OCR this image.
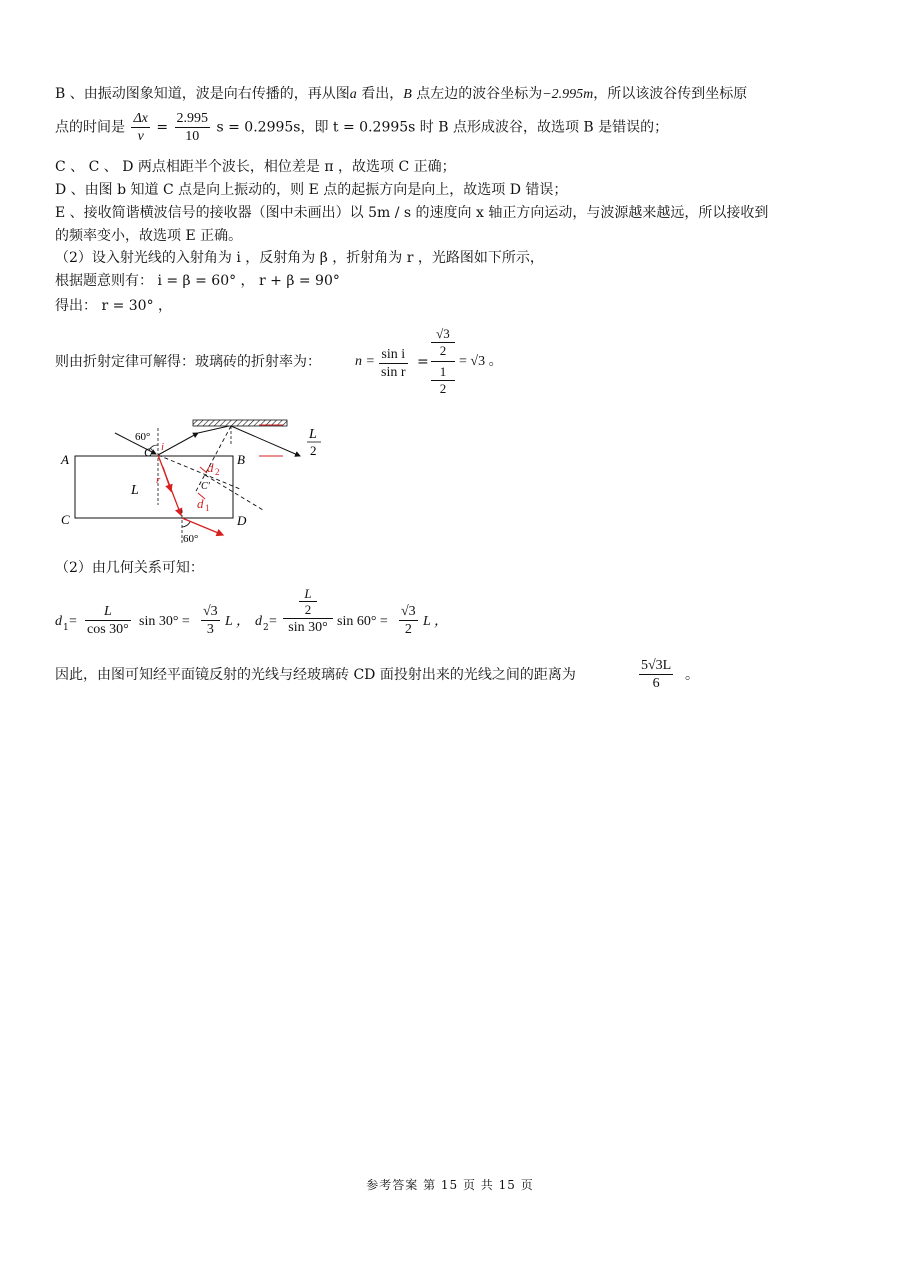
B 、由振动图象知道，波是向右传播的，再从图a 看出，B 点左边的波谷坐标为−2.995m，所以该波谷传到坐标原
点的时间是 $\frac{\Delta x}{v} = \frac{2.995}{10}$ s = 0.2995s，即 t = 0.2995s 时 B 点形成波谷，故选项 B 是错误的；
C 、 C 、 D 两点相距半个波长，相位差是 π ，故选项 C 正确；
D 、由图 b 知道 C 点是向上振动的，则 E 点的起振方向是向上，故选项 D 错误；
E 、接收简谐横波信号的接收器（图中未画出）以 5m / s 的速度向 x 轴正方向运动，与波源越来越远，所以接收到
的频率变小，故选项 E 正确。
（2）设入射光线的入射角为 i ，反射角为 β ，折射角为 r ，光路图如下所示，
根据题意则有： i = β = 60° ， r + β = 90°
得出： r = 30° ，
则由折射定律可解得：玻璃砖的折射率为： $n = \frac{\text{sin i}}{\text{sin r}}$ =
√3
2
1
2
= √3 。
60°
60°
A	B
C	D
C
L
L
2
i
r
d 2
d 1
C'
（2）由几何关系可知：
d $1 = \frac{L}{\cos 30^\circ}$ $\sin 30^\circ = \frac{√3}{3}$ L ， d 2 =
L
2
sin 30° $\sin 60^\circ = \frac{√3}{2}$ L ，
因此，由图可知经平面镜反射的光线与经玻璃砖 CD 面投射出来的光线之间的距离为	$\frac{5√3L}{6}$ 。
参考答案 第 15 页 共 15 页
